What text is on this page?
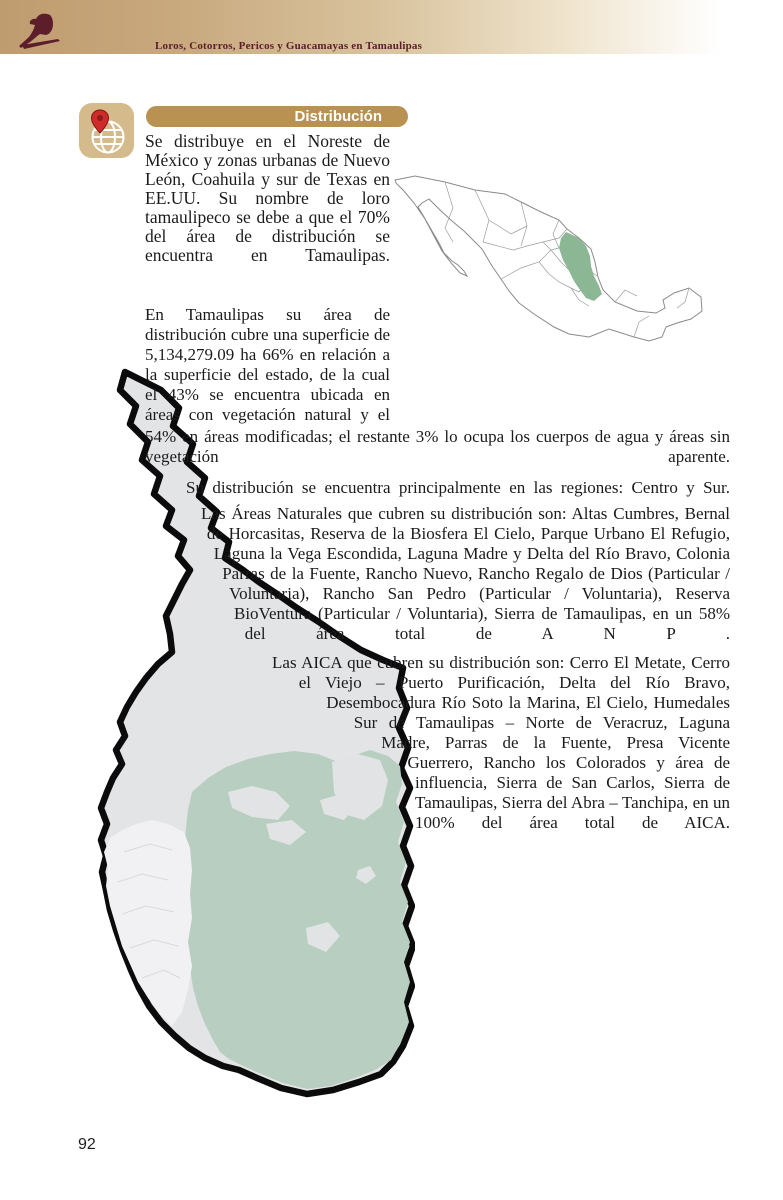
Loros, Cotorros, Pericos y Guacamayas en Tamaulipas
Distribución
Se distribuye en el Noreste de México y zonas urbanas de Nuevo León, Coahuila y sur de Texas en EE.UU. Su nombre de loro tamaulipeco se debe a que el 70% del área de distribución se encuentra en Tamaulipas.

En Tamaulipas su área de distribución cubre una superficie de 5,134,279.09 ha 66% en relación a la superficie del estado, de la cual el 43% se encuentra ubicada en áreas con vegetación natural y el 54% en áreas modificadas; el restante 3% lo ocupa los cuerpos de agua y áreas sin vegetación aparente.

Su distribución se encuentra principalmente en las regiones: Centro y Sur.

Las Áreas Naturales que cubren su distribución son: Altas Cumbres, Bernal de Horcasitas, Reserva de la Biosfera El Cielo, Parque Urbano El Refugio, Laguna la Vega Escondida, Laguna Madre y Delta del Río Bravo, Colonia Parras de la Fuente, Rancho Nuevo, Rancho Regalo de Dios (Particular / Voluntaria), Rancho San Pedro (Particular / Voluntaria), Reserva BioVentura (Particular / Voluntaria), Sierra de Tamaulipas, en un 58% del área total de A N P .

Las AICA que cubren su distribución son: Cerro El Metate, Cerro el Viejo – Puerto Purificación, Delta del Río Bravo, Desembocadura Río Soto la Marina, El Cielo, Humedales Sur de Tamaulipas – Norte de Veracruz, Laguna Madre, Parras de la Fuente, Presa Vicente Guerrero, Rancho los Colorados y área de influencia, Sierra de San Carlos, Sierra de Tamaulipas, Sierra del Abra – Tanchipa, en un 100% del área total de AICA.

92
